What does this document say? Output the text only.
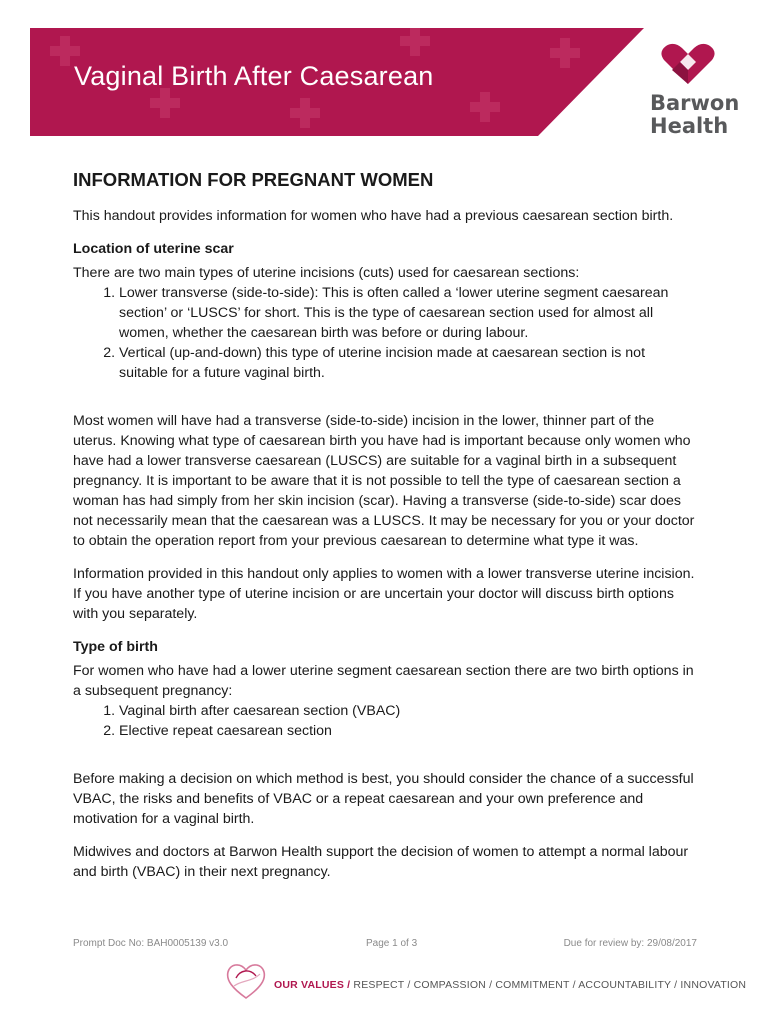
Vaginal Birth After Caesarean
Barwon
Health
INFORMATION FOR PREGNANT WOMEN

This handout provides information for women who have had a previous caesarean section birth.

Location of uterine scar
There are two main types of uterine incisions (cuts) used for caesarean sections:
1. Lower transverse (side-to-side): This is often called a ‘lower uterine segment caesarean section’ or ‘LUSCS’ for short. This is the type of caesarean section used for almost all women, whether the caesarean birth was before or during labour.
2. Vertical (up-and-down) this type of uterine incision made at caesarean section is not suitable for a future vaginal birth.

Most women will have had a transverse (side-to-side) incision in the lower, thinner part of the uterus. Knowing what type of caesarean birth you have had is important because only women who have had a lower transverse caesarean (LUSCS) are suitable for a vaginal birth in a subsequent pregnancy. It is important to be aware that it is not possible to tell the type of caesarean section a woman has had simply from her skin incision (scar). Having a transverse (side-to-side) scar does not necessarily mean that the caesarean was a LUSCS. It may be necessary for you or your doctor to obtain the operation report from your previous caesarean to determine what type it was.

Information provided in this handout only applies to women with a lower transverse uterine incision. If you have another type of uterine incision or are uncertain your doctor will discuss birth options with you separately.

Type of birth
For women who have had a lower uterine segment caesarean section there are two birth options in a subsequent pregnancy:
1. Vaginal birth after caesarean section (VBAC)
2. Elective repeat caesarean section

Before making a decision on which method is best, you should consider the chance of a successful VBAC, the risks and benefits of VBAC or a repeat caesarean and your own preference and motivation for a vaginal birth.

Midwives and doctors at Barwon Health support the decision of women to attempt a normal labour and birth (VBAC) in their next pregnancy.

Prompt Doc No: BAH0005139 v3.0	Page 1 of 3	Due for review by: 29/08/2017
OUR VALUES / RESPECT / COMPASSION / COMMITMENT / ACCOUNTABILITY / INNOVATION
